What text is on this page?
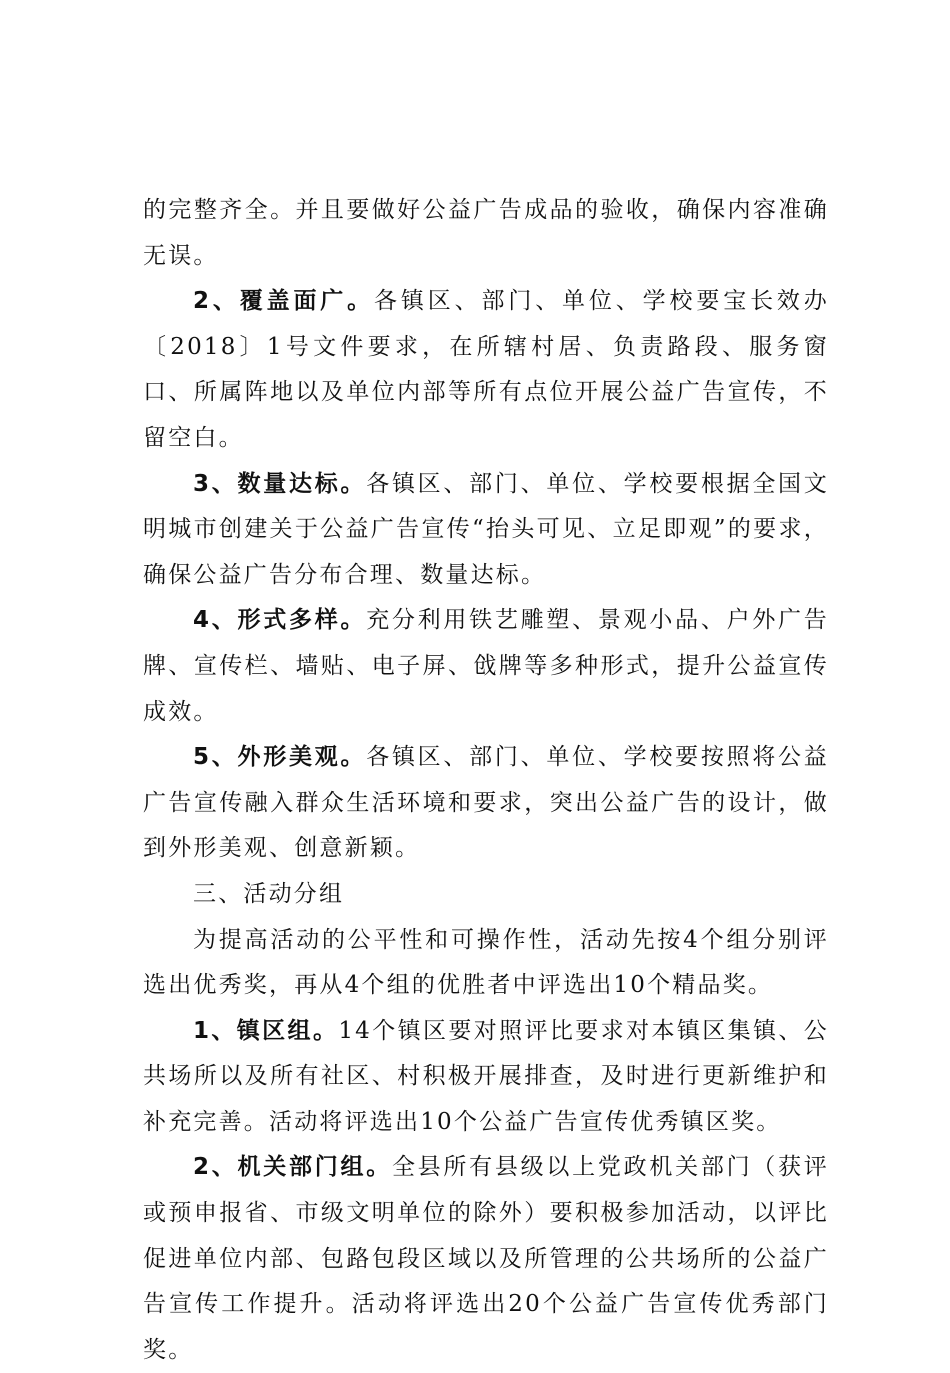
的完整齐全。并且要做好公益广告成品的验收，确保内容准确无误。

2、覆盖面广。各镇区、部门、单位、学校要宝长效办〔2018〕1号文件要求，在所辖村居、负责路段、服务窗口、所属阵地以及单位内部等所有点位开展公益广告宣传，不留空白。

3、数量达标。各镇区、部门、单位、学校要根据全国文明城市创建关于公益广告宣传“抬头可见、立足即观”的要求，确保公益广告分布合理、数量达标。

4、形式多样。充分利用铁艺雕塑、景观小品、户外广告牌、宣传栏、墙贴、电子屏、戗牌等多种形式，提升公益宣传成效。

5、外形美观。各镇区、部门、单位、学校要按照将公益广告宣传融入群众生活环境和要求，突出公益广告的设计，做到外形美观、创意新颖。

三、活动分组

为提高活动的公平性和可操作性，活动先按4个组分别评选出优秀奖，再从4个组的优胜者中评选出10个精品奖。

1、镇区组。14个镇区要对照评比要求对本镇区集镇、公共场所以及所有社区、村积极开展排查，及时进行更新维护和补充完善。活动将评选出10个公益广告宣传优秀镇区奖。

2、机关部门组。全县所有县级以上党政机关部门（获评或预申报省、市级文明单位的除外）要积极参加活动，以评比促进单位内部、包路包段区域以及所管理的公共场所的公益广告宣传工作提升。活动将评选出20个公益广告宣传优秀部门奖。
